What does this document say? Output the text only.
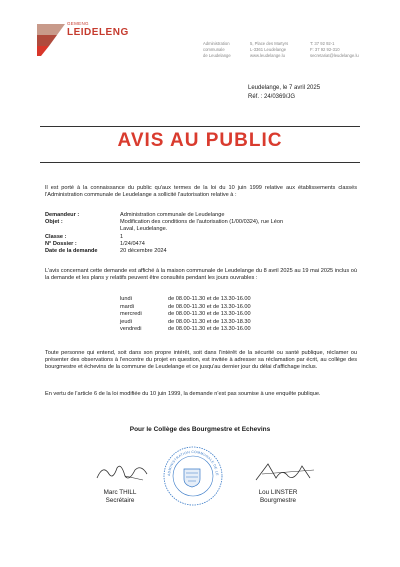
GEMENG
LEIDELENG
Administration
communale
de Leudelange
5, Place des Martyrs
L-3361 Leudelange
www.leudelange.lu
T: 37 92 92-1
F: 37 92 92-310
secretariat@leudelange.lu
Leudelange, le 7 avril 2025
Réf. : 24/0369/JG
AVIS AU PUBLIC
Il est porté à la connaissance du public qu'aux termes de la loi du 10 juin 1999 relative aux établissements classés l'Administration communale de Leudelange a sollicité l'autorisation relative à :
Demandeur :	Administration communale de Leudelange
Objet :	Modification des conditions de l'autorisation (1/00/0324), rue Léon Laval, Leudelange.
Classe :	1
N° Dossier :	1/24/0474
Date de la demande	20 décembre 2024
L'avis concernant cette demande est affiché à la maison communale de Leudelange du 8 avril 2025 au 19 mai 2025 inclus où la demande et les plans y relatifs peuvent être consultés pendant les jours ouvrables :
lundi	de 08.00-11.30 et de 13.30-16.00
mardi	de 08.00-11.30 et de 13.30-16.00
mercredi	de 08.00-11.30 et de 13.30-16.00
jeudi	de 08.00-11.30 et de 13.30-18.30
vendredi	de 08.00-11.30 et de 13.30-16.00
Toute personne qui entend, soit dans son propre intérêt, soit dans l'intérêt de la sécurité ou santé publique, réclamer ou présenter des observations à l'encontre du projet en question, est invitée à adresser sa réclamation par écrit, au collège des bourgmestre et échevins de la commune de Leudelange et ce jusqu'au dernier jour du délai d'affichage inclus.
En vertu de l'article 6 de la loi modifiée du 10 juin 1999, la demande n'est pas soumise à une enquête publique.
Pour le Collège des Bourgmestre et Echevins
ADMINISTRATION COMMUNALE DE LE
Marc THILL
Secrétaire
Lou LINSTER
Bourgmestre
